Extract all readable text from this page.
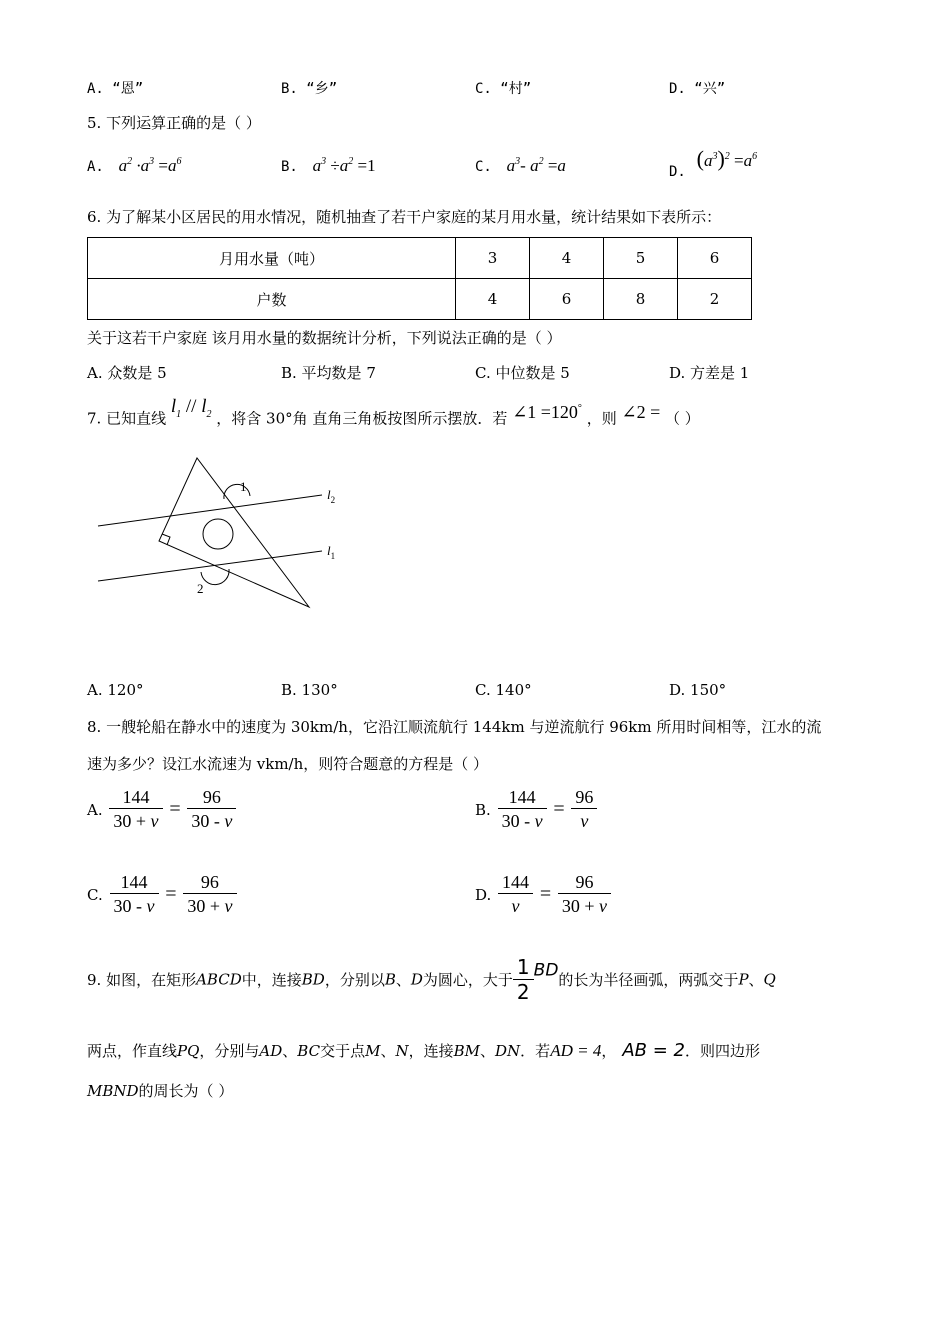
A. “恩”	B. “乡”	C. “村”	D. “兴”
5. 下列运算正确的是（ ）
A. $a^2 \cdot a^3 =a^6$	B. $a^3 \div a^2 =1$	C. $a^3-$ $a^2 =a$	D. $(a^3)^2 =a^6$
6. 为了解某小区居民的用水情况，随机抽查了若干户家庭的某月用水量，统计结果如下表所示：
月用水量（吨）	3	4	5	6
户数	4	6	8	2
关于这若干户家庭 该月用水量的数据统计分析，下列说法正确的是（ ）
A. 众数是 5	B. 平均数是 7	C. 中位数是 5	D. 方差是 1
7. 已知直线 $l_1 // l_2$ ，将含 30°角 直角三角板按图所示摆放．若 ∠1 =120° ，则 ∠2 = （ ）
1
2
$l_2$
$l_1$
A. 120°	B. 130°	C. 140°	D. 150°
8. 一艘轮船在静水中的速度为 30km/h，它沿江顺流航行 144km 与逆流航行 96km 所用时间相等，江水的流
速为多少？设江水流速为 vkm/h，则符合题意的方程是（ ）
A. $\frac{144}{30 + v} = \frac{96}{30 - v}$	B. $\frac{144}{30 - v} = \frac{96}{v}$
C. $\frac{144}{30 - v} = \frac{96}{30 + v}$	D. $\frac{144}{v} = \frac{96}{30 + v}$
9. 如图，在矩形ABCD中，连接BD，分别以B、D为圆心，大于 $\frac{1}{2}$ BD的长为半径画弧，两弧交于P、Q
两点，作直线PQ，分别与AD、BC交于点M、N，连接BM、DN．若AD = 4， AB = 2．则四边形
MBND的周长为（ ）
